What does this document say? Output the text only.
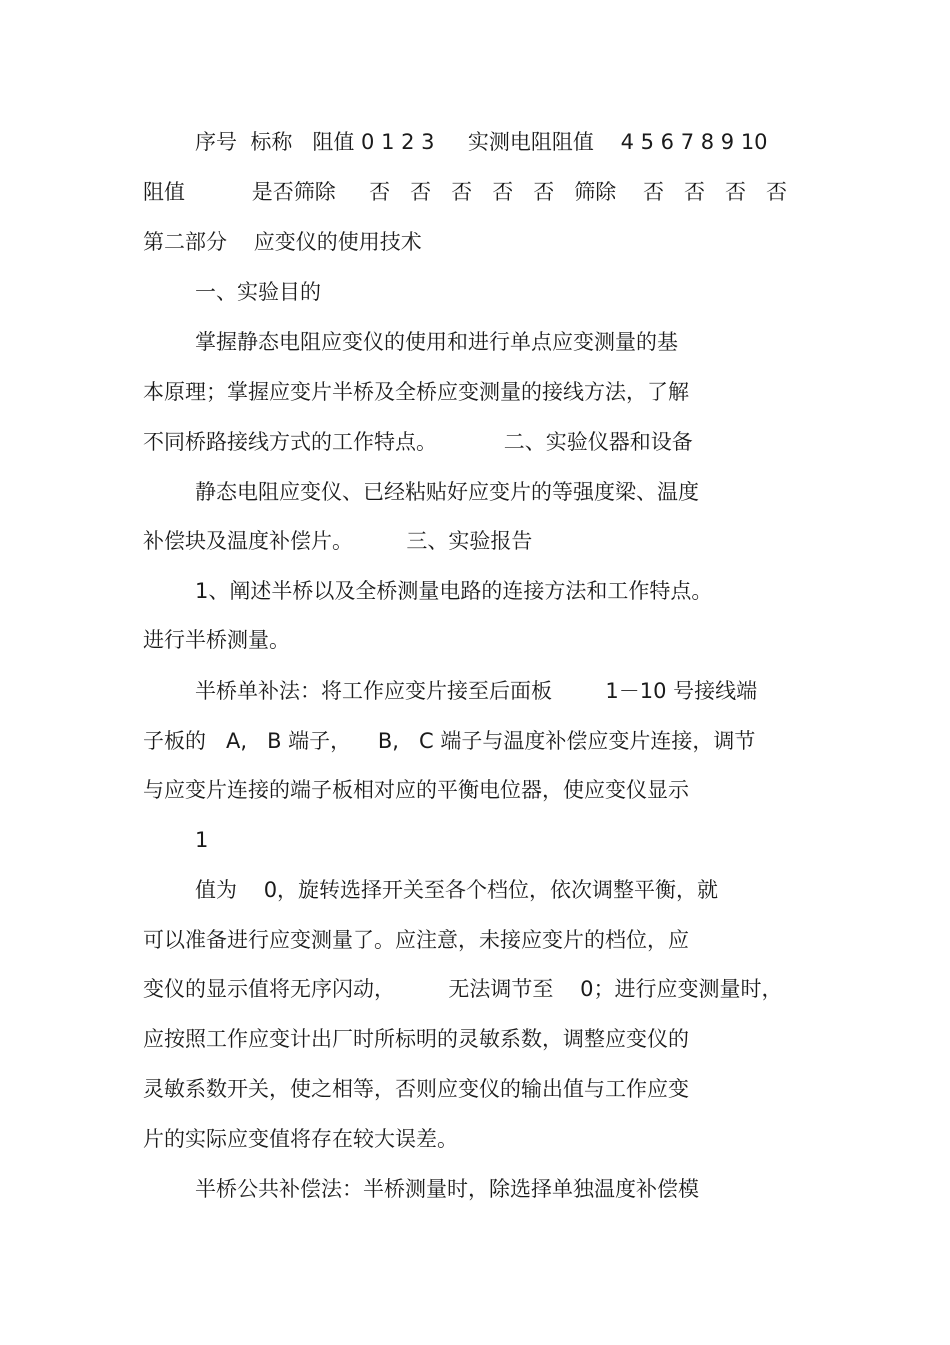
序号  标称   阻值 0 1 2 3     实测电阻阻值    4 5 6 7 8 9 10
阻值          是否筛除     否   否   否   否   否   筛除    否   否   否   否
第二部分    应变仪的使用技术
一、实验目的
掌握静态电阻应变仪的使用和进行单点应变测量的基
本原理；掌握应变片半桥及全桥应变测量的接线方法，了解
不同桥路接线方式的工作特点。          二、实验仪器和设备
静态电阻应变仪、已经粘贴好应变片的等强度梁、温度
补偿块及温度补偿片。        三、实验报告
1、阐述半桥以及全桥测量电路的连接方法和工作特点。
进行半桥测量。
半桥单补法：将工作应变片接至后面板        1－10 号接线端
子板的   A,   B 端子，    B,   C 端子与温度补偿应变片连接，调节
与应变片连接的端子板相对应的平衡电位器，使应变仪显示
1
值为    0，旋转选择开关至各个档位，依次调整平衡，就
可以准备进行应变测量了。应注意，未接应变片的档位，应
变仪的显示值将无序闪动，        无法调节至    0；进行应变测量时，
应按照工作应变计出厂时所标明的灵敏系数，调整应变仪的
灵敏系数开关，使之相等，否则应变仪的输出值与工作应变
片的实际应变值将存在较大误差。
半桥公共补偿法：半桥测量时，除选择单独温度补偿模
